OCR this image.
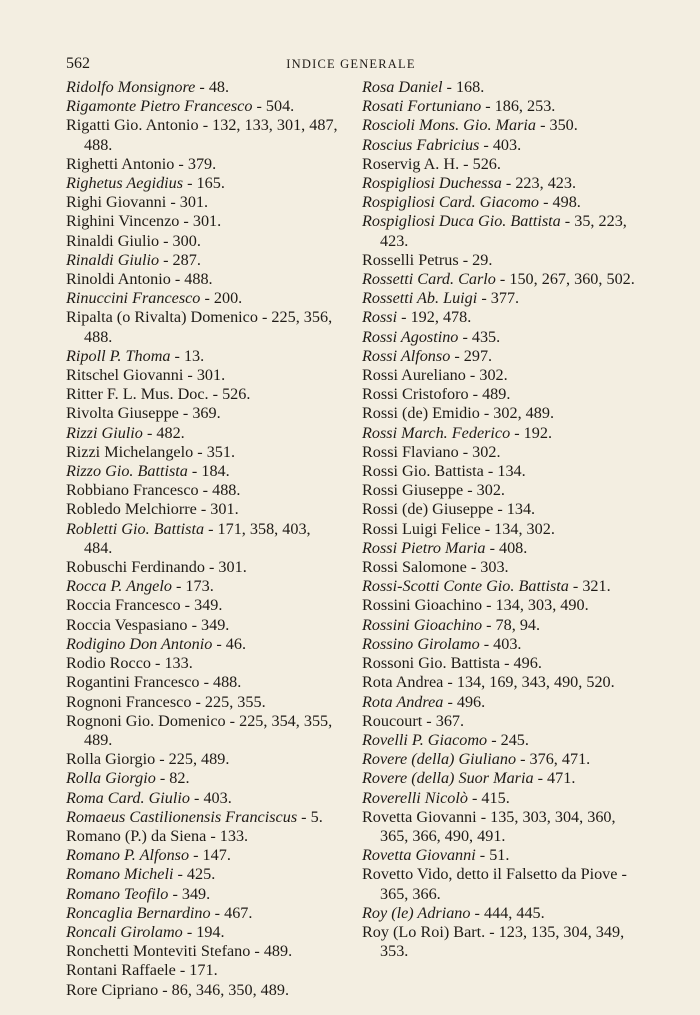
562	INDICE GENERALE
Ridolfo Monsignore - 48.
Rigamonte Pietro Francesco - 504.
Rigatti Gio. Antonio - 132, 133, 301, 487, 488.
Righetti Antonio - 379.
Righetus Aegidius - 165.
Righi Giovanni - 301.
Righini Vincenzo - 301.
Rinaldi Giulio - 300.
Rinaldi Giulio - 287.
Rinoldi Antonio - 488.
Rinuccini Francesco - 200.
Ripalta (o Rivalta) Domenico - 225, 356, 488.
Ripoll P. Thoma - 13.
Ritschel Giovanni - 301.
Ritter F. L. Mus. Doc. - 526.
Rivolta Giuseppe - 369.
Rizzi Giulio - 482.
Rizzi Michelangelo - 351.
Rizzo Gio. Battista - 184.
Robbiano Francesco - 488.
Robledo Melchiorre - 301.
Robletti Gio. Battista - 171, 358, 403, 484.
Robuschi Ferdinando - 301.
Rocca P. Angelo - 173.
Roccia Francesco - 349.
Roccia Vespasiano - 349.
Rodigino Don Antonio - 46.
Rodio Rocco - 133.
Rogantini Francesco - 488.
Rognoni Francesco - 225, 355.
Rognoni Gio. Domenico - 225, 354, 355, 489.
Rolla Giorgio - 225, 489.
Rolla Giorgio - 82.
Roma Card. Giulio - 403.
Romaeus Castilionensis Franciscus - 5.
Romano (P.) da Siena - 133.
Romano P. Alfonso - 147.
Romano Micheli - 425.
Romano Teofilo - 349.
Roncaglia Bernardino - 467.
Roncali Girolamo - 194.
Ronchetti Monteviti Stefano - 489.
Rontani Raffaele - 171.
Rore Cipriano - 86, 346, 350, 489.
Rosa Daniel - 168.
Rosati Fortuniano - 186, 253.
Roscioli Mons. Gio. Maria - 350.
Roscius Fabricius - 403.
Roservig A. H. - 526.
Rospigliosi Duchessa - 223, 423.
Rospigliosi Card. Giacomo - 498.
Rospigliosi Duca Gio. Battista - 35, 223, 423.
Rosselli Petrus - 29.
Rossetti Card. Carlo - 150, 267, 360, 502.
Rossetti Ab. Luigi - 377.
Rossi - 192, 478.
Rossi Agostino - 435.
Rossi Alfonso - 297.
Rossi Aureliano - 302.
Rossi Cristoforo - 489.
Rossi (de) Emidio - 302, 489.
Rossi March. Federico - 192.
Rossi Flaviano - 302.
Rossi Gio. Battista - 134.
Rossi Giuseppe - 302.
Rossi (de) Giuseppe - 134.
Rossi Luigi Felice - 134, 302.
Rossi Pietro Maria - 408.
Rossi Salomone - 303.
Rossi-Scotti Conte Gio. Battista - 321.
Rossini Gioachino - 134, 303, 490.
Rossini Gioachino - 78, 94.
Rossino Girolamo - 403.
Rossoni Gio. Battista - 496.
Rota Andrea - 134, 169, 343, 490, 520.
Rota Andrea - 496.
Roucourt - 367.
Rovelli P. Giacomo - 245.
Rovere (della) Giuliano - 376, 471.
Rovere (della) Suor Maria - 471.
Roverelli Nicolò - 415.
Rovetta Giovanni - 135, 303, 304, 360, 365, 366, 490, 491.
Rovetta Giovanni - 51.
Rovetto Vido, detto il Falsetto da Piove - 365, 366.
Roy (le) Adriano - 444, 445.
Roy (Lo Roi) Bart. - 123, 135, 304, 349, 353.
